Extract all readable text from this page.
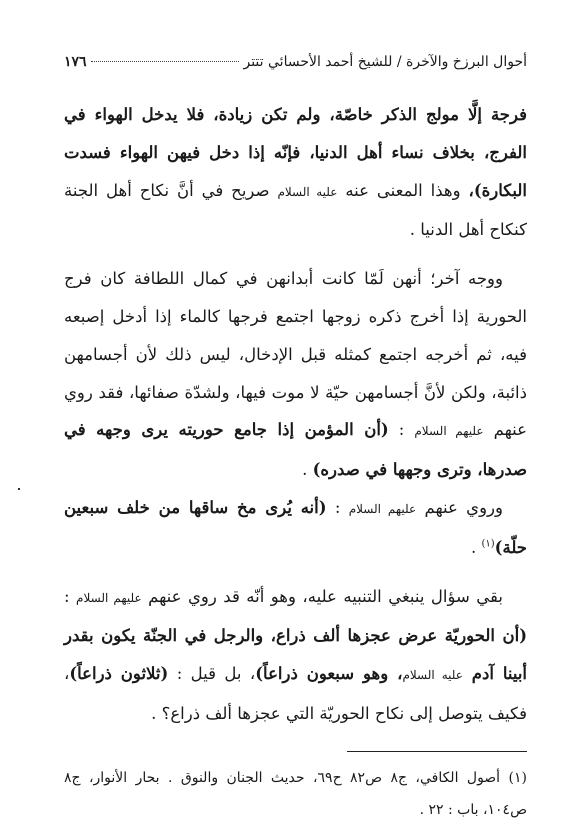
١٧٦	أحوال البرزخ والآخرة / للشيخ أحمد الأحسائي تتتر

فرجة إلَّا مولج الذكر خاصّة، ولم تكن زيادة، فلا يدخل الهواء في الفرج، بخلاف نساء أهل الدنيا، فإنّه إذا دخل فيهن الهواء فسدت البكارة)، وهذا المعنى عنه عليه السلام صريح في أنَّ نكاح أهل الجنة كنكاح أهل الدنيا .

ووجه آخر؛ أنهن لَمّا كانت أبدانهن في كمال اللطافة كان فرج الحورية إذا أخرج ذكره زوجها اجتمع فرجها كالماء إذا أدخل إصبعه فيه، ثم أخرجه اجتمع كمثله قبل الإدخال، ليس ذلك لأن أجسامهن ذائبة، ولكن لأنَّ أجسامهن حيّة لا موت فيها، ولشدّة صفائها، فقد روي عنهم عليهم السلام : (أن المؤمن إذا جامع حوريته يرى وجهه في صدرها، وترى وجهها في صدره) .

وروي عنهم عليهم السلام : (أنه يُرى مخ ساقها من خلف سبعين حلّة)$^{(١)}$ .

بقي سؤال ينبغي التنبيه عليه، وهو أنّه قد روي عنهم عليهم السلام : (أن الحوريّة عرض عجزها ألف ذراع، والرجل في الجنّة يكون بقدر أبينا آدم عليه السلام، وهو سبعون ذراعاً)، بل قيل : (ثلاثون ذراعاً)، فكيف يتوصل إلى نكاح الحوريّة التي عجزها ألف ذراع؟ .

(١) أصول الكافي، ج٨ ص٨٢ ح٦٩، حديث الجنان والنوق . بحار الأنوار، ج٨ ص١٠٤، باب : ٢٢ .
